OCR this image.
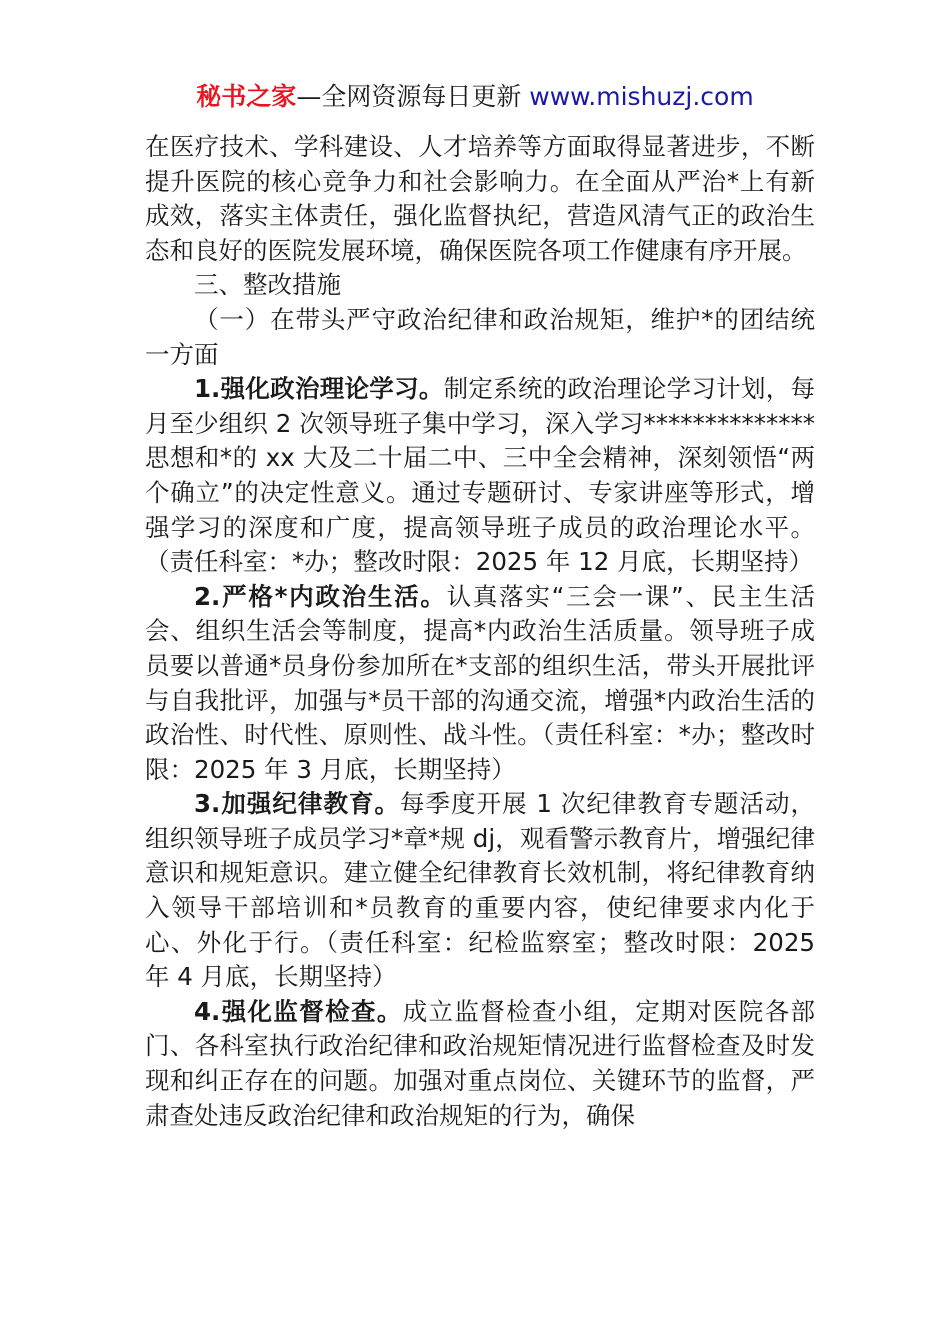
秘书之家—全网资源每日更新 www.mishuzj.com

在医疗技术、学科建设、人才培养等方面取得显著进步，不断提升医院的核心竞争力和社会影响力。在全面从严治*上有新成效，落实主体责任，强化监督执纪，营造风清气正的政治生态和良好的医院发展环境，确保医院各项工作健康有序开展。

三、整改措施

（一）在带头严守政治纪律和政治规矩，维护*的团结统一方面

1.强化政治理论学习。制定系统的政治理论学习计划，每月至少组织 2 次领导班子集中学习，深入学习**************思想和*的 xx 大及二十届二中、三中全会精神，深刻领悟“两个确立”的决定性意义。通过专题研讨、专家讲座等形式，增强学习的深度和广度，提高领导班子成员的政治理论水平。（责任科室：*办；整改时限：2025 年 12 月底，长期坚持）

2.严格*内政治生活。认真落实“三会一课”、民主生活会、组织生活会等制度，提高*内政治生活质量。领导班子成员要以普通*员身份参加所在*支部的组织生活，带头开展批评与自我批评，加强与*员干部的沟通交流，增强*内政治生活的政治性、时代性、原则性、战斗性。（责任科室：*办；整改时限：2025 年 3 月底，长期坚持）

3.加强纪律教育。每季度开展 1 次纪律教育专题活动，组织领导班子成员学习*章*规 dj，观看警示教育片，增强纪律意识和规矩意识。建立健全纪律教育长效机制，将纪律教育纳入领导干部培训和*员教育的重要内容，使纪律要求内化于心、外化于行。（责任科室：纪检监察室；整改时限：2025 年 4 月底，长期坚持）

4.强化监督检查。成立监督检查小组，定期对医院各部门、各科室执行政治纪律和政治规矩情况进行监督检查及时发现和纠正存在的问题。加强对重点岗位、关键环节的监督，严肃查处违反政治纪律和政治规矩的行为，确保
